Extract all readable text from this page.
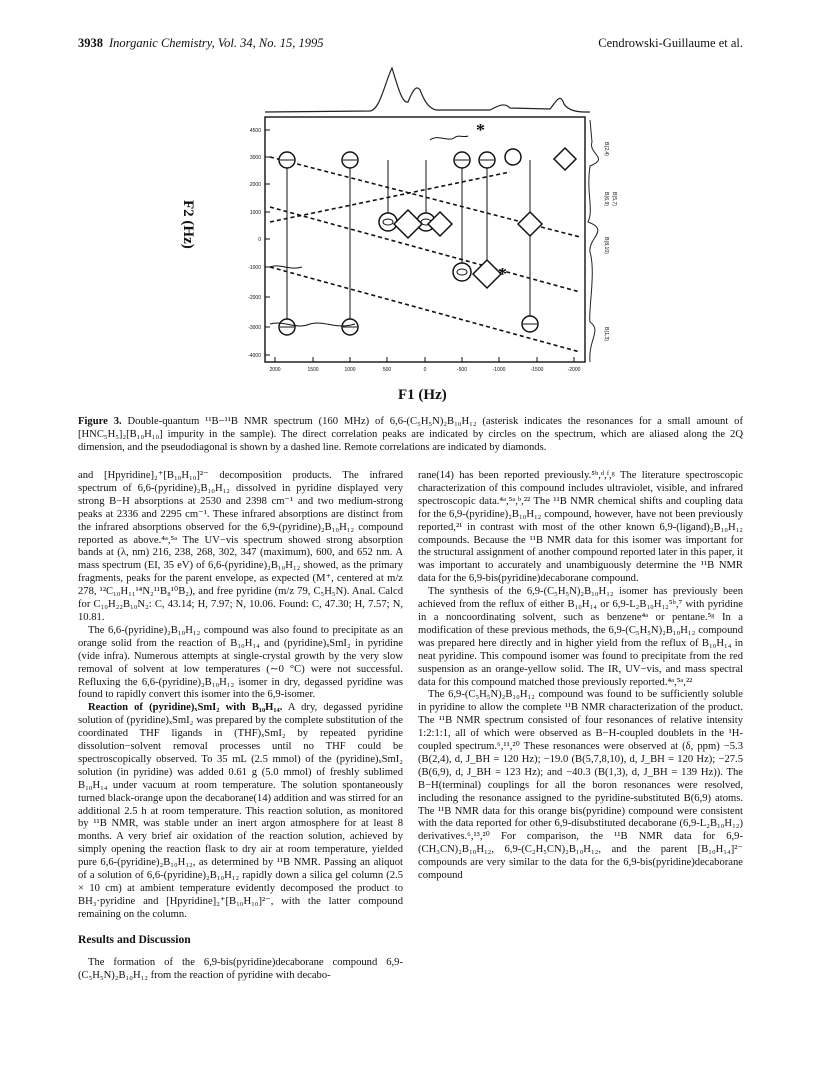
3938 Inorganic Chemistry, Vol. 34, No. 15, 1995	Cendrowski-Guillaume et al.
4500
3000
2000
1000
0
-1000
-2000
-3000
-4000
2000	1500	1000	500	0	-500	-1000	-1500	-2000
B(2,4)
B(6,9) B(5,7)
B(8,10)
B(1,3)
*
*
F2 (Hz)
F1 (Hz)
Figure 3. Double-quantum ¹¹B−¹¹B NMR spectrum (160 MHz) of 6,6-(C₅H₅N)₂B₁₀H₁₂ (asterisk indicates the resonances for a small amount of [HNC₅H₅]₂[B₁₀H₁₀] impurity in the sample). The direct correlation peaks are indicated by circles on the spectrum, which are aliased along the 2Q dimension, and the pseudodiagonal is shown by a dashed line. Remote correlations are indicated by diamonds.

and [Hpyridine]₂⁺[B₁₀H₁₀]²⁻ decomposition products. The infrared spectrum of 6,6-(pyridine)₂B₁₀H₁₂ dissolved in pyridine displayed very strong B−H absorptions at 2530 and 2398 cm⁻¹ and two medium-strong peaks at 2336 and 2295 cm⁻¹. These infrared absorptions are distinct from the infrared absorptions observed for the 6,9-(pyridine)₂B₁₀H₁₂ compound reported as above.⁴ᵃ,⁵ᵃ The UV−vis spectrum showed strong absorption bands at (λ, nm) 216, 238, 268, 302, 347 (maximum), 600, and 652 nm. A mass spectrum (EI, 35 eV) of 6,6-(pyridine)₂B₁₀H₁₂ showed, as the primary fragments, peaks for the parent envelope, as expected (M⁺, centered at m/z 278, ¹²C₁₀H₁₁¹⁴N₂¹¹B₈¹⁰B₂), and free pyridine (m/z 79, C₅H₅N). Anal. Calcd for C₁₀H₂₂B₁₀N₂: C, 43.14; H, 7.97; N, 10.06. Found: C, 47.30; H, 7.57; N, 10.81.

The 6,6-(pyridine)₂B₁₀H₁₂ compound was also found to precipitate as an orange solid from the reaction of B₁₀H₁₄ and (pyridine)ₓSmI₂ in pyridine (vide infra). Numerous attempts at single-crystal growth by the very slow removal of solvent at low temperatures (∼0 °C) were not successful. Refluxing the 6,6-(pyridine)₂B₁₀H₁₂ isomer in dry, degassed pyridine was found to rapidly convert this isomer into the 6,9-isomer.

Reaction of (pyridine)ₓSmI₂ with B₁₀H₁₄. A dry, degassed pyridine solution of (pyridine)ₓSmI₂ was prepared by the complete substitution of the coordinated THF ligands in (THF)ₓSmI₂ by repeated pyridine dissolution−solvent removal processes until no THF could be spectroscopically observed. To 35 mL (2.5 mmol) of the (pyridine)ₓSmI₂ solution (in pyridine) was added 0.61 g (5.0 mmol) of freshly sublimed B₁₀H₁₄ under vacuum at room temperature. The solution spontaneously turned black-orange upon the decaborane(14) addition and was stirred for an additional 2.5 h at room temperature. This reaction solution, as monitored by ¹¹B NMR, was stable under an inert argon atmosphere for at least 8 months. A very brief air oxidation of the reaction solution, achieved by simply opening the reaction flask to dry air at room temperature, yielded pure 6,6-(pyridine)₂B₁₀H₁₂, as determined by ¹¹B NMR. Passing an aliquot of a solution of 6,6-(pyridine)₂B₁₀H₁₂ rapidly down a silica gel column (2.5 × 10 cm) at ambient temperature evidently decomposed the product to BH₃·pyridine and [Hpyridine]₂⁺[B₁₀H₁₀]²⁻, with the latter compound remaining on the column.

Results and Discussion

The formation of the 6,9-bis(pyridine)decaborane compound 6,9-(C₅H₅N)₂B₁₀H₁₂ from the reaction of pyridine with decabo-

rane(14) has been reported previously.⁵ᵇ,ᵈ,ᶠ,ᵍ The literature spectroscopic characterization of this compound includes ultraviolet, visible, and infrared spectroscopic data.⁴ᵃ,⁵ᵃ,ᵇ,²² The ¹¹B NMR chemical shifts and coupling data for the 6,9-(pyridine)₂B₁₀H₁₂ compound, however, have not been previously reported,²¹ in contrast with most of the other known 6,9-(ligand)₂B₁₀H₁₂ compounds. Because the ¹¹B NMR data for this isomer was important for the structural assignment of another compound reported later in this paper, it was important to accurately and unambiguously determine the ¹¹B NMR data for the 6,9-bis(pyridine)decaborane compound.

The synthesis of the 6,9-(C₅H₅N)₂B₁₀H₁₂ isomer has previously been achieved from the reflux of either B₁₀H₁₄ or 6,9-L₂B₁₀H₁₂⁵ᵇ,⁷ with pyridine in a noncoordinating solvent, such as benzene⁴ᵃ or pentane.⁵ᵍ In a modification of these previous methods, the 6,9-(C₅H₅N)₂B₁₀H₁₂ compound was prepared here directly and in higher yield from the reflux of B₁₀H₁₄ in neat pyridine. This compound isomer was found to precipitate from the red suspension as an orange-yellow solid. The IR, UV−vis, and mass spectral data for this compound matched those previously reported.⁴ᵃ,⁵ᵃ,²²

The 6,9-(C₅H₅N)₂B₁₀H₁₂ compound was found to be sufficiently soluble in pyridine to allow the complete ¹¹B NMR characterization of the product. The ¹¹B NMR spectrum consisted of four resonances of relative intensity 1:2:1:1, all of which were observed as B−H-coupled doublets in the ¹H-coupled spectrum.⁶,¹¹,²⁰ These resonances were observed at (δ, ppm) −5.3 (B(2,4), d, J_BH = 120 Hz); −19.0 (B(5,7,8,10), d, J_BH = 120 Hz); −27.5 (B(6,9), d, J_BH = 123 Hz); and −40.3 (B(1,3), d, J_BH = 139 Hz)). The B−H(terminal) couplings for all the boron resonances were resolved, including the resonance assigned to the pyridine-substituted B(6,9) atoms. The ¹¹B NMR data for this orange bis(pyridine) compound were consistent with the data reported for other 6,9-disubstituted decaborane (6,9-L₂B₁₀H₁₂) derivatives.⁶,¹³,²⁰ For comparison, the ¹¹B NMR data for 6,9-(CH₃CN)₂B₁₀H₁₂, 6,9-(C₂H₅CN)₂B₁₀H₁₂, and the parent [B₁₀H₁₄]²⁻ compounds are very similar to the data for the 6,9-bis(pyridine)decaborane compound
